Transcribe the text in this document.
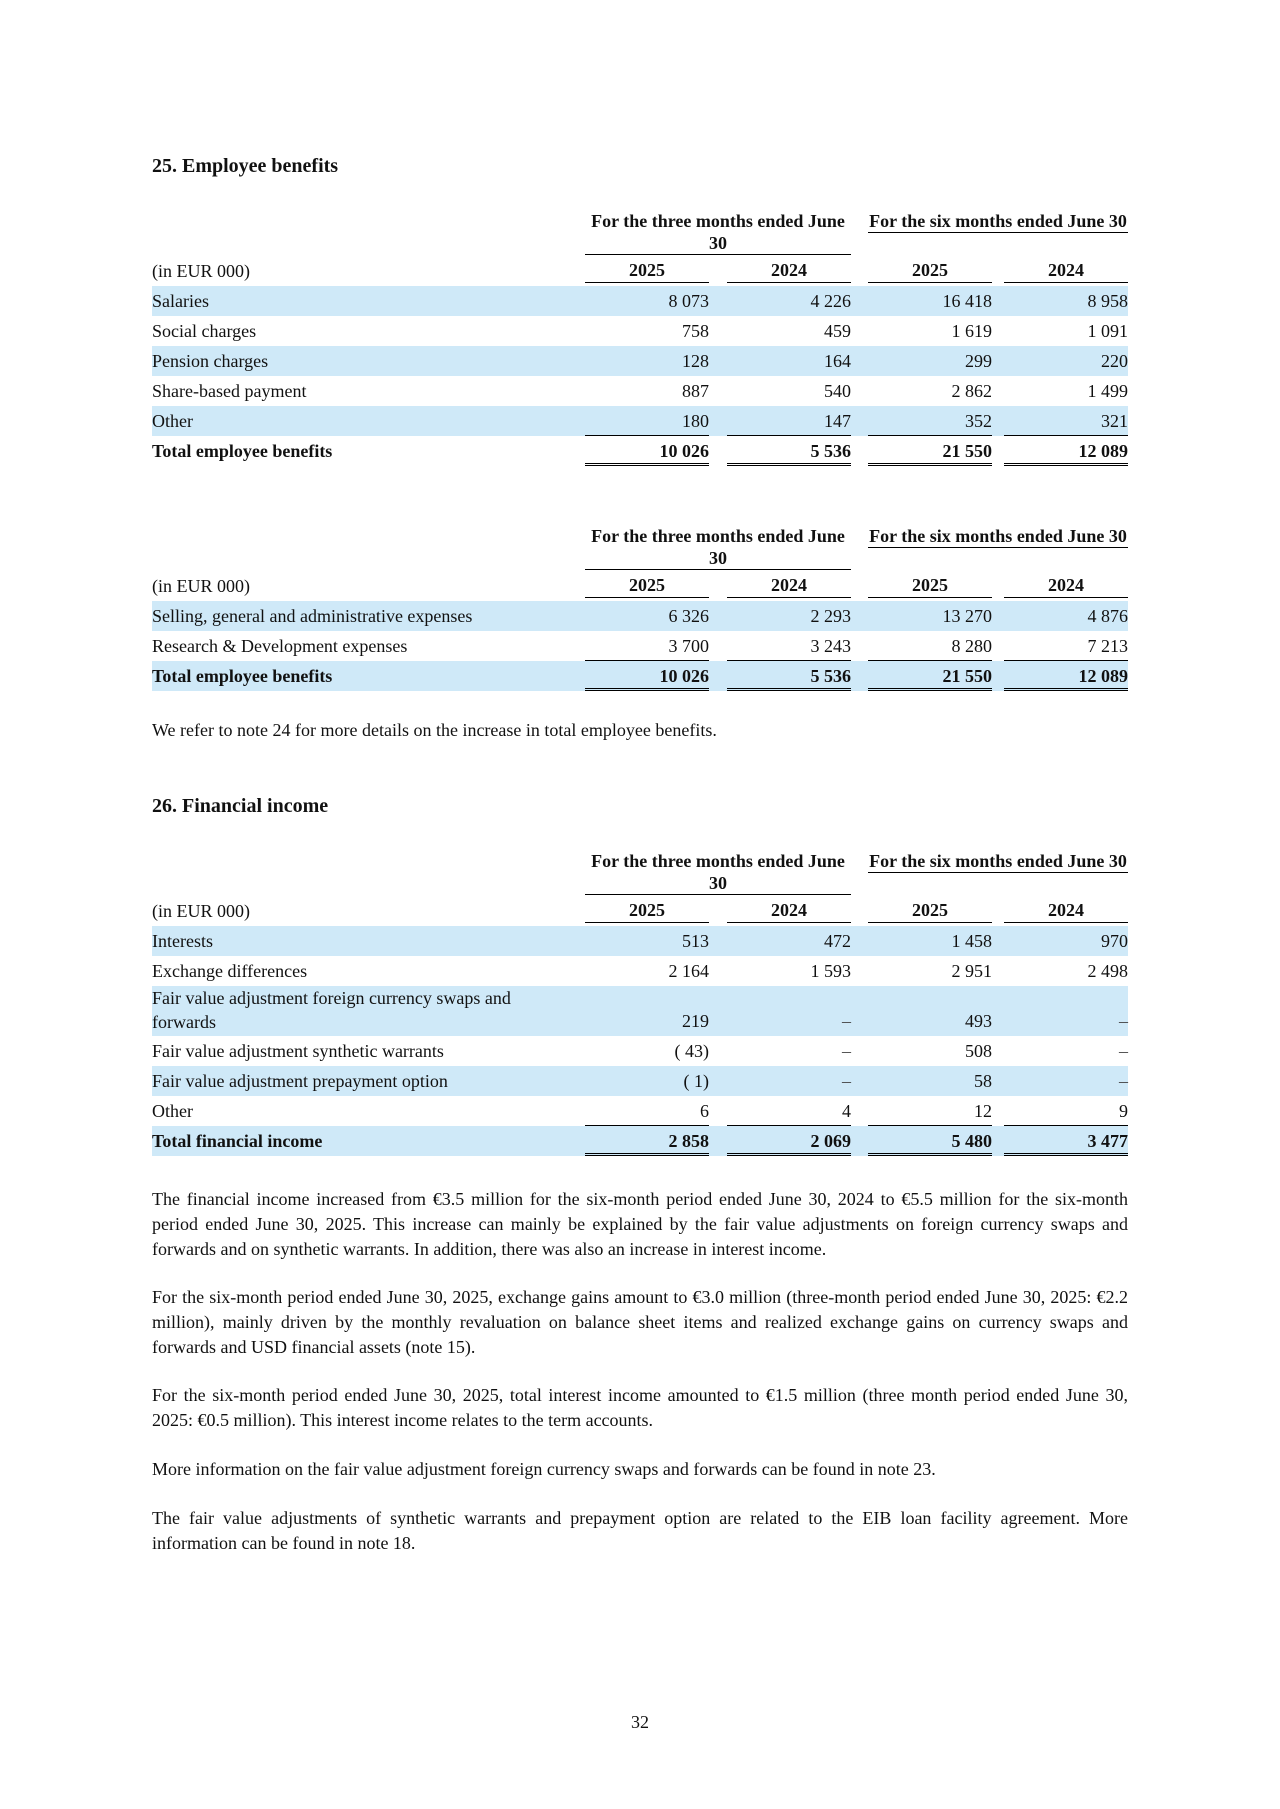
25. Employee benefits
For the three months ended June 30
For the six months ended June 30
(in EUR 000)	2025	2024	2025	2024
Salaries	8 073	4 226	16 418	8 958
Social charges	758	459	1 619	1 091
Pension charges	128	164	299	220
Share-based payment	887	540	2 862	1 499
Other	180	147	352	321
Total employee benefits	10 026	5 536	21 550	12 089
For the three months ended June 30
For the six months ended June 30
(in EUR 000)	2025	2024	2025	2024
Selling, general and administrative expenses	6 326	2 293	13 270	4 876
Research & Development expenses	3 700	3 243	8 280	7 213
Total employee benefits	10 026	5 536	21 550	12 089

We refer to note 24 for more details on the increase in total employee benefits.

26. Financial income
For the three months ended June 30
For the six months ended June 30
(in EUR 000)	2025	2024	2025	2024
Interests	513	472	1 458	970
Exchange differences	2 164	1 593	2 951	2 498
Fair value adjustment foreign currency swaps and forwards	219	–	493	–
Fair value adjustment synthetic warrants	( 43)	–	508	–
Fair value adjustment prepayment option	( 1)	–	58	–
Other	6	4	12	9
Total financial income	2 858	2 069	5 480	3 477

The financial income increased from €3.5 million for the six-month period ended June 30, 2024 to €5.5 million for the six-month period ended June 30, 2025. This increase can mainly be explained by the fair value adjustments on foreign currency swaps and forwards and on synthetic warrants. In addition, there was also an increase in interest income.

For the six-month period ended June 30, 2025, exchange gains amount to €3.0 million (three-month period ended June 30, 2025: €2.2 million), mainly driven by the monthly revaluation on balance sheet items and realized exchange gains on currency swaps and forwards and USD financial assets (note 15).

For the six-month period ended June 30, 2025, total interest income amounted to €1.5 million (three month period ended June 30, 2025: €0.5 million). This interest income relates to the term accounts.

More information on the fair value adjustment foreign currency swaps and forwards can be found in note 23.

The fair value adjustments of synthetic warrants and prepayment option are related to the EIB loan facility agreement. More information can be found in note 18.

32
